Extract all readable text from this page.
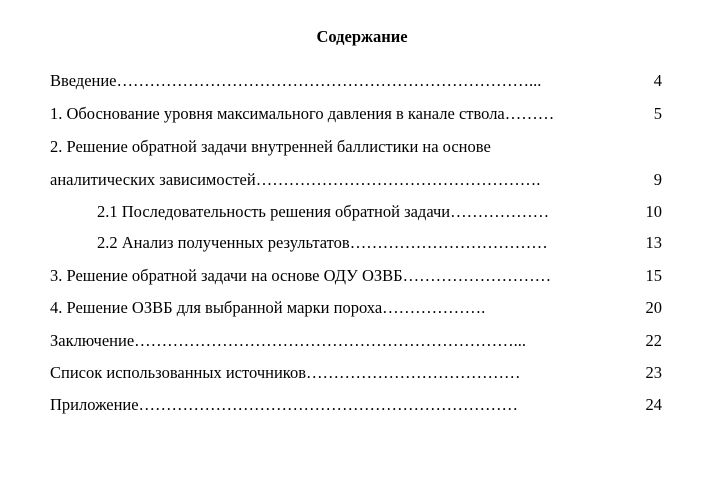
Содержание
Введение…………………………………………………………………...	4
1. Обоснование уровня максимального давления в канале ствола………	5
2. Решение обратной задачи внутренней баллистики на основе
аналитических зависимостей…………………………………………….	9
2.1 Последовательность решения обратной задачи………………	10
2.2 Анализ полученных результатов………………………………	13
3. Решение обратной задачи на основе ОДУ ОЗВБ………………………	15
4. Решение ОЗВБ для выбранной марки пороха……………….	20
Заключение……………………………………………………………...	22
Список использованных источников…………………………………	23
Приложение……………………………………………………………	24
